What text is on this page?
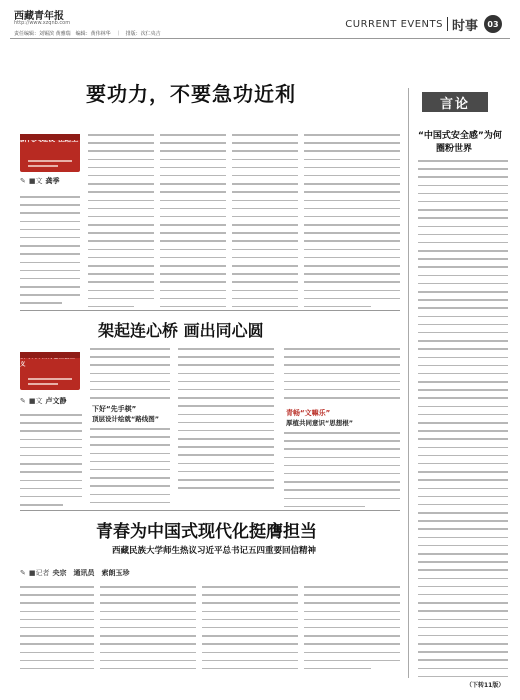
西藏青年报
http://www.xzqnb.com
责任编辑：刘锡滨 黄雅瑞　编辑：黄伟林华　｜　排版：次仁央吉
CURRENT EVENTS 时事	03
要功力，不要急功近利
✎ ■文 龚季
架起连心桥 画出同心圆
义
✎ ■文 卢文静
下好“先手棋”
顶层设计绘就“路线图”
青畅“文嘛乐”
厚植共同意识“思想根”
青春为中国式现代化挺膺担当
西藏民族大学师生热议习近平总书记五四重要回信精神
✎ ■记者 央宗　通讯员　索朗玉珍
言论
“中国式安全感”为何
圈粉世界
（下转11版）
